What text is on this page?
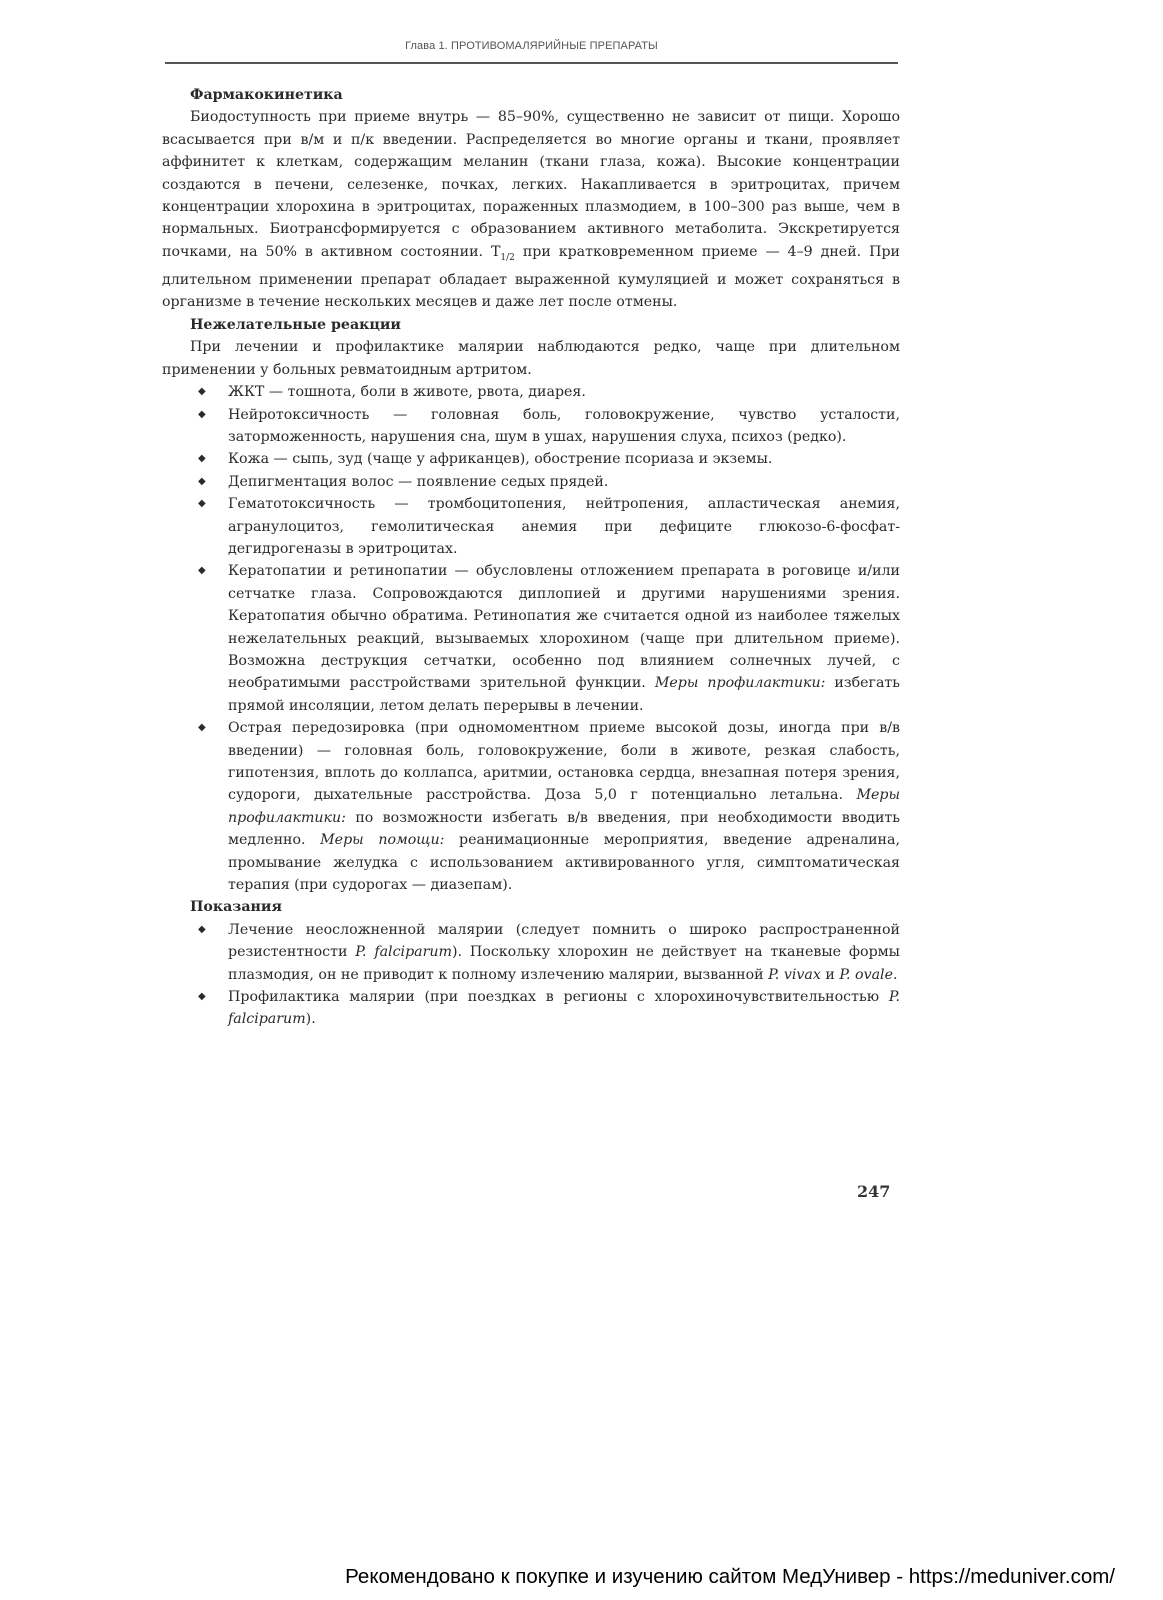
Глава 1. ПРОТИВОМАЛЯРИЙНЫЕ ПРЕПАРАТЫ

Фармакокинетика

Биодоступность при приеме внутрь — 85–90%, существенно не зависит от пищи. Хорошо всасывается при в/м и п/к введении. Распределяется во многие органы и ткани, проявляет аффинитет к клеткам, содержащим меланин (ткани глаза, кожа). Высокие концентрации создаются в печени, селезенке, почках, легких. Накапливается в эритроцитах, причем концентрации хлорохина в эритроцитах, пораженных плазмодием, в 100–300 раз выше, чем в нормальных. Биотрансформируется с образованием активного метаболита. Экскретируется почками, на 50% в активном состоянии. $T_{1/2}$ при кратковременном приеме — 4–9 дней. При длительном применении препарат обладает выраженной кумуляцией и может сохраняться в организме в течение нескольких месяцев и даже лет после отмены.

Нежелательные реакции

При лечении и профилактике малярии наблюдаются редко, чаще при длительном применении у больных ревматоидным артритом.

◆ ЖКТ — тошнота, боли в животе, рвота, диарея.
◆ Нейротоксичность — головная боль, головокружение, чувство усталости, заторможенность, нарушения сна, шум в ушах, нарушения слуха, психоз (редко).
◆ Кожа — сыпь, зуд (чаще у африканцев), обострение псориаза и экземы.
◆ Депигментация волос — появление седых прядей.
◆ Гематотоксичность — тромбоцитопения, нейтропения, апластическая анемия, агранулоцитоз, гемолитическая анемия при дефиците глюкозо-6-фосфат-дегидрогеназы в эритроцитах.
◆ Кератопатии и ретинопатии — обусловлены отложением препарата в роговице и/или сетчатке глаза. Сопровождаются диплопией и другими нарушениями зрения. Кератопатия обычно обратима. Ретинопатия же считается одной из наиболее тяжелых нежелательных реакций, вызываемых хлорохином (чаще при длительном приеме). Возможна деструкция сетчатки, особенно под влиянием солнечных лучей, с необратимыми расстройствами зрительной функции. Меры профилактики: избегать прямой инсоляции, летом делать перерывы в лечении.
◆ Острая передозировка (при одномоментном приеме высокой дозы, иногда при в/в введении) — головная боль, головокружение, боли в животе, резкая слабость, гипотензия, вплоть до коллапса, аритмии, остановка сердца, внезапная потеря зрения, судороги, дыхательные расстройства. Доза 5,0 г потенциально летальна. Меры профилактики: по возможности избегать в/в введения, при необходимости вводить медленно. Меры помощи: реанимационные мероприятия, введение адреналина, промывание желудка с использованием активированного угля, симптоматическая терапия (при судорогах — диазепам).

Показания

◆ Лечение неосложненной малярии (следует помнить о широко распространенной резистентности P. falciparum). Поскольку хлорохин не действует на тканевые формы плазмодия, он не приводит к полному излечению малярии, вызванной P. vivax и P. ovale.
◆ Профилактика малярии (при поездках в регионы с хлорохиночувствительностью P. falciparum).
247
Рекомендовано к покупке и изучению сайтом МедУнивер - https://meduniver.com/
